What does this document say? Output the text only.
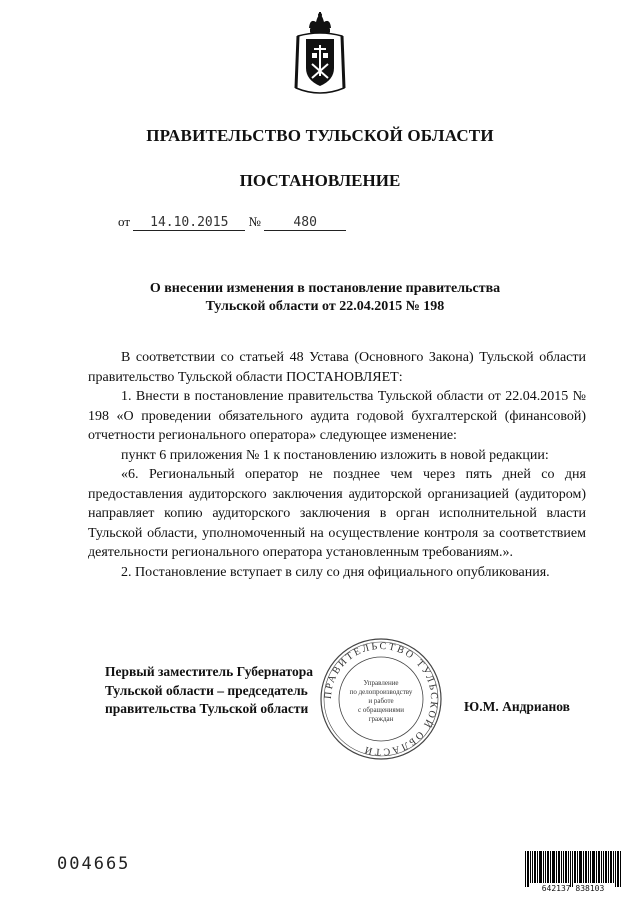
ПРАВИТЕЛЬСТВО ТУЛЬСКОЙ ОБЛАСТИ
ПОСТАНОВЛЕНИЕ
от 14.10.2015 №	480
О внесении изменения в постановление правительства
Тульской области от 22.04.2015 № 198

В соответствии со статьей 48 Устава (Основного Закона) Тульской области правительство Тульской области ПОСТАНОВЛЯЕТ:

1. Внести в постановление правительства Тульской области от 22.04.2015 № 198 «О проведении обязательного аудита годовой бухгалтерской (финансовой) отчетности регионального оператора» следующее изменение:

пункт 6 приложения № 1 к постановлению изложить в новой редакции:

«6. Региональный оператор не позднее чем через пять дней со дня предоставления аудиторского заключения аудиторской организацией (аудитором) направляет копию аудиторского заключения в орган исполнительной власти Тульской области, уполномоченный на осуществление контроля за соответствием деятельности регионального оператора установленным требованиям.».

2. Постановление вступает в силу со дня официального опубликования.

ПРАВИТЕЛЬСТВО ТУЛЬСКОЙ ОБЛАСТИ
Управление
по делопроизводству
и работе
с обращениями
граждан
Первый заместитель Губернатора
Тульской области – председатель
правительства Тульской области	Ю.М. Андрианов
004665
642137 838103
